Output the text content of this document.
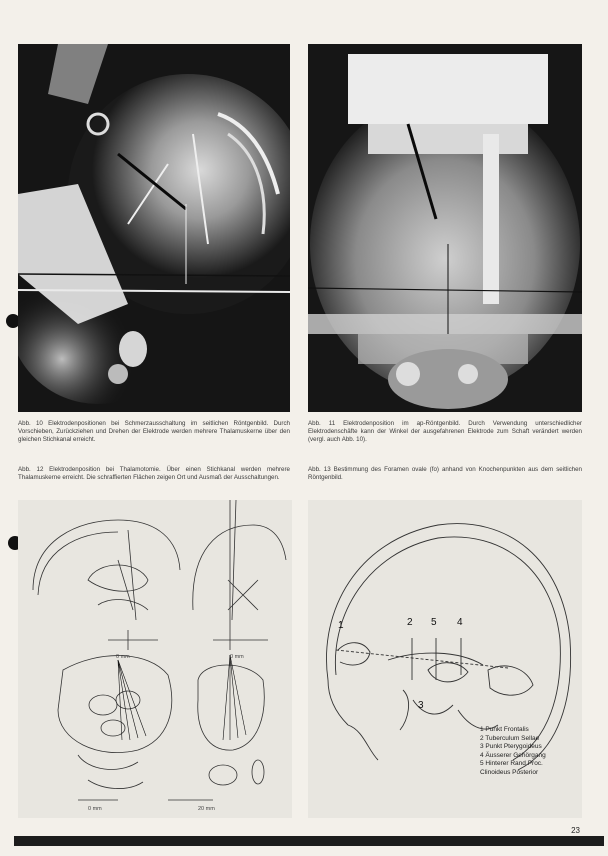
Abb. 10 Elektrodenpositionen bei Schmerzausschaltung im seitlichen Röntgenbild. Durch Vorschieben, Zurückziehen und Drehen der Elektrode werden mehrere Thalamuskerne über den gleichen Stichkanal erreicht.
Abb. 11 Elektrodenposition im ap-Röntgenbild. Durch Verwendung unterschiedlicher Elektrodenschäfte kann der Winkel der ausgefahrenen Elektrode zum Schaft verändert werden (vergl. auch Abb. 10).
Abb. 12 Elektrodenposition bei Thalamotomie. Über einen Stichkanal werden mehrere Thalamuskerne erreicht. Die schraffierten Flächen zeigen Ort und Ausmaß der Ausschaltungen.
Abb. 13 Bestimmung des Foramen ovale (fo) anhand von Knochenpunkten aus dem seitlichen Röntgenbild.
0 mm	0 mm
0 mm	20 mm
1	2 5 4
3
1 Punkt Frontalis
2 Tuberculum Sellae
3 Punkt Pterygoideus
4 Äusserer Gehörgang
5 Hinterer Rand Proc.
Clinoideus Posterior
23
